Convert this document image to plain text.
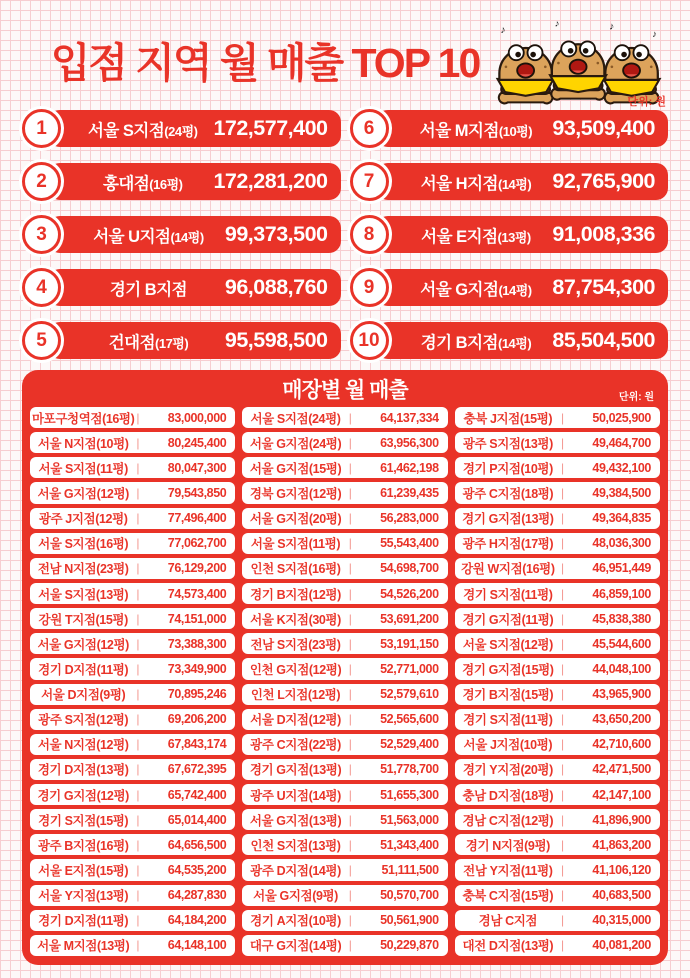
입점 지역 월 매출 TOP 10
♪
♪	♪
♪
단위: 원
1	서울 S지점(24평) 172,577,400
2	홍대점(16평)	172,281,200
3	서울 U지점(14평) 99,373,500
4	경기 B지점	96,088,760
5	건대점(17평)	95,598,500
6	서울 M지점(10평) 93,509,400
7	서울 H지점(14평) 92,765,900
8	서울 E지점(13평)	91,008,336
9	서울 G지점(14평) 87,754,300
10	경기 B지점(14평) 85,504,500
매장별 월 매출	단위: 원
마포구청역점(16평) |	83,000,000
서울 N지점(10평) |	80,245,400
서울 S지점(11평) |	80,047,300
서울 G지점(12평) |	79,543,850
광주 J지점(12평) |	77,496,400
서울 S지점(16평) |	77,062,700
전남 N지점(23평) |	76,129,200
서울 S지점(13평) |	74,573,400
강원 T지점(15평) |	74,151,000
서울 G지점(12평) |	73,388,300
경기 D지점(11평) |	73,349,900
서울 D지점(9평) |	70,895,246
광주 S지점(12평) |	69,206,200
서울 N지점(12평) |	67,843,174
경기 D지점(13평) |	67,672,395
경기 G지점(12평) |	65,742,400
경기 S지점(15평) |	65,014,400
광주 B지점(16평) |	64,656,500
서울 E지점(15평) |	64,535,200
서울 Y지점(13평) |	64,287,830
경기 D지점(11평) |	64,184,200
서울 M지점(13평) |	64,148,100
서울 S지점(24평) |	64,137,334
서울 G지점(24평) |	63,956,300
서울 G지점(15평) |	61,462,198
경북 G지점(12평) |	61,239,435
서울 G지점(20평) |	56,283,000
서울 S지점(11평) |	55,543,400
인천 S지점(16평) |	54,698,700
경기 B지점(12평) |	54,526,200
서울 K지점(30평) |	53,691,200
전남 S지점(23평) |	53,191,150
인천 G지점(12평) |	52,771,000
인천 L지점(12평) |	52,579,610
서울 D지점(12평) |	52,565,600
광주 C지점(22평) |	52,529,400
경기 G지점(13평) |	51,778,700
광주 U지점(14평) |	51,655,300
서울 G지점(13평) |	51,563,000
인천 S지점(13평) |	51,343,400
광주 D지점(14평) |	51,111,500
서울 G지점(9평) |	50,570,700
경기 A지점(10평) |	50,561,900
대구 G지점(14평) |	50,229,870
충북 J지점(15평) |	50,025,900
광주 S지점(13평) |	49,464,700
경기 P지점(10평) |	49,432,100
광주 C지점(18평) |	49,384,500
경기 G지점(13평) |	49,364,835
광주 H지점(17평) |	48,036,300
강원 W지점(16평) |	46,951,449
경기 S지점(11평) |	46,859,100
경기 G지점(11평) |	45,838,380
서울 S지점(12평) |	45,544,600
경기 G지점(15평) |	44,048,100
경기 B지점(15평) |	43,965,900
경기 S지점(11평) |	43,650,200
서울 J지점(10평) |	42,710,600
경기 Y지점(20평) |	42,471,500
충남 D지점(18평) |	42,147,100
경남 C지점(12평) |	41,896,900
경기 N지점(9평) |	41,863,200
전남 Y지점(11평) |	41,106,120
충북 C지점(15평) |	40,683,500
경남 C지점	|	40,315,000
대전 D지점(13평) |	40,081,200
